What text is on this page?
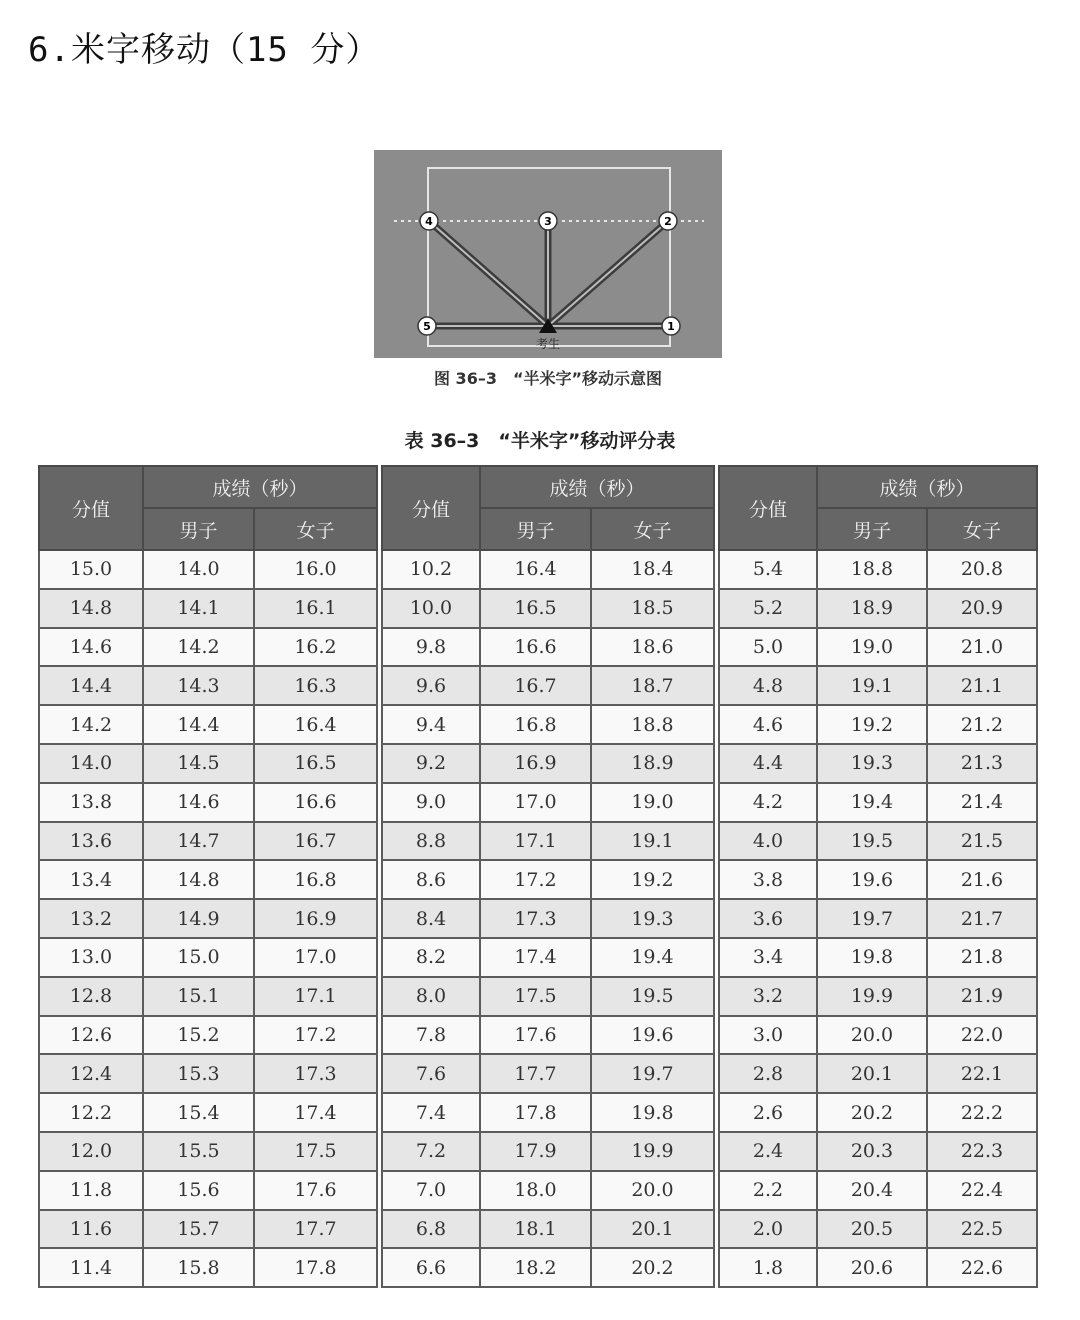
6.米字移动（15 分）
1
2
3
4
5
考生
图 36–3　“半米字”移动示意图
表 36–3　“半米字”移动评分表
分值	成绩（秒）	
	男子	女子
15.0	14.0	16.0
14.8	14.1	16.1
14.6	14.2	16.2
14.4	14.3	16.3
14.2	14.4	16.4
14.0	14.5	16.5
13.8	14.6	16.6
13.6	14.7	16.7
13.4	14.8	16.8
13.2	14.9	16.9
13.0	15.0	17.0
12.8	15.1	17.1
12.6	15.2	17.2
12.4	15.3	17.3
12.2	15.4	17.4
12.0	15.5	17.5
11.8	15.6	17.6
11.6	15.7	17.7
11.4	15.8	17.8
分值	成绩（秒）	
	男子	女子
10.2	16.4	18.4
10.0	16.5	18.5
9.8	16.6	18.6
9.6	16.7	18.7
9.4	16.8	18.8
9.2	16.9	18.9
9.0	17.0	19.0
8.8	17.1	19.1
8.6	17.2	19.2
8.4	17.3	19.3
8.2	17.4	19.4
8.0	17.5	19.5
7.8	17.6	19.6
7.6	17.7	19.7
7.4	17.8	19.8
7.2	17.9	19.9
7.0	18.0	20.0
6.8	18.1	20.1
6.6	18.2	20.2
分值	成绩（秒）	
	男子	女子
5.4	18.8	20.8
5.2	18.9	20.9
5.0	19.0	21.0
4.8	19.1	21.1
4.6	19.2	21.2
4.4	19.3	21.3
4.2	19.4	21.4
4.0	19.5	21.5
3.8	19.6	21.6
3.6	19.7	21.7
3.4	19.8	21.8
3.2	19.9	21.9
3.0	20.0	22.0
2.8	20.1	22.1
2.6	20.2	22.2
2.4	20.3	22.3
2.2	20.4	22.4
2.0	20.5	22.5
1.8	20.6	22.6
